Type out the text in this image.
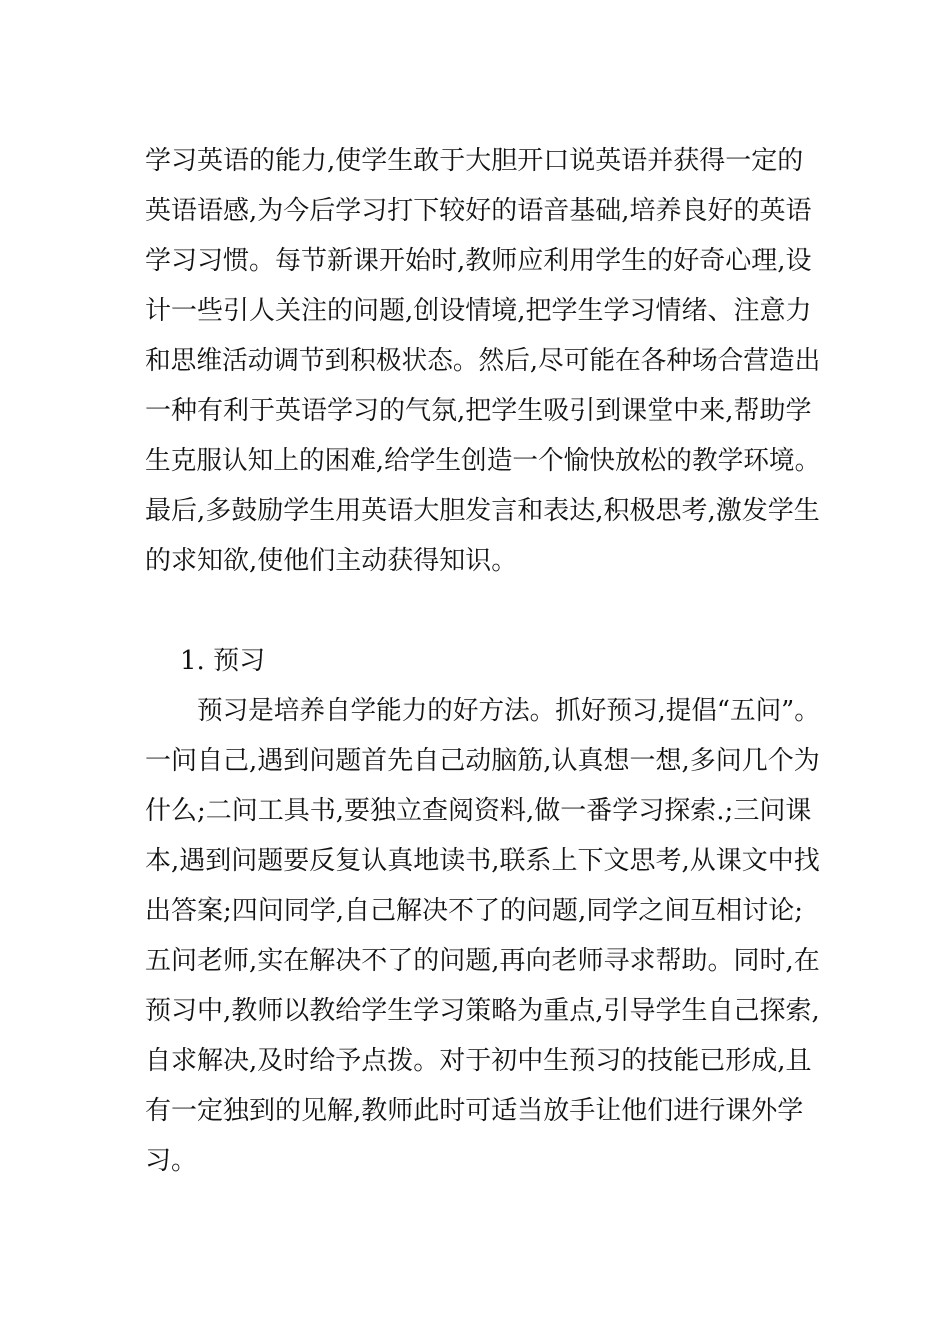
学习英语的能力,使学生敢于大胆开口说英语并获得一定的
英语语感,为今后学习打下较好的语音基础,培养良好的英语
学习习惯。每节新课开始时,教师应利用学生的好奇心理,设
计一些引人关注的问题,创设情境,把学生学习情绪、注意力
和思维活动调节到积极状态。然后,尽可能在各种场合营造出
一种有利于英语学习的气氛,把学生吸引到课堂中来,帮助学
生克服认知上的困难,给学生创造一个愉快放松的教学环境。
最后,多鼓励学生用英语大胆发言和表达,积极思考,激发学生
的求知欲,使他们主动获得知识。
1. 预习
预习是培养自学能力的好方法。抓好预习,提倡“五问”。
一问自己,遇到问题首先自己动脑筋,认真想一想,多问几个为
什么;二问工具书,要独立查阅资料,做一番学习探索.;三问课
本,遇到问题要反复认真地读书,联系上下文思考,从课文中找
出答案;四问同学,自己解决不了的问题,同学之间互相讨论;
五问老师,实在解决不了的问题,再向老师寻求帮助。同时,在
预习中,教师以教给学生学习策略为重点,引导学生自己探索,
自求解决,及时给予点拨。对于初中生预习的技能已形成,且
有一定独到的见解,教师此时可适当放手让他们进行课外学
习。
